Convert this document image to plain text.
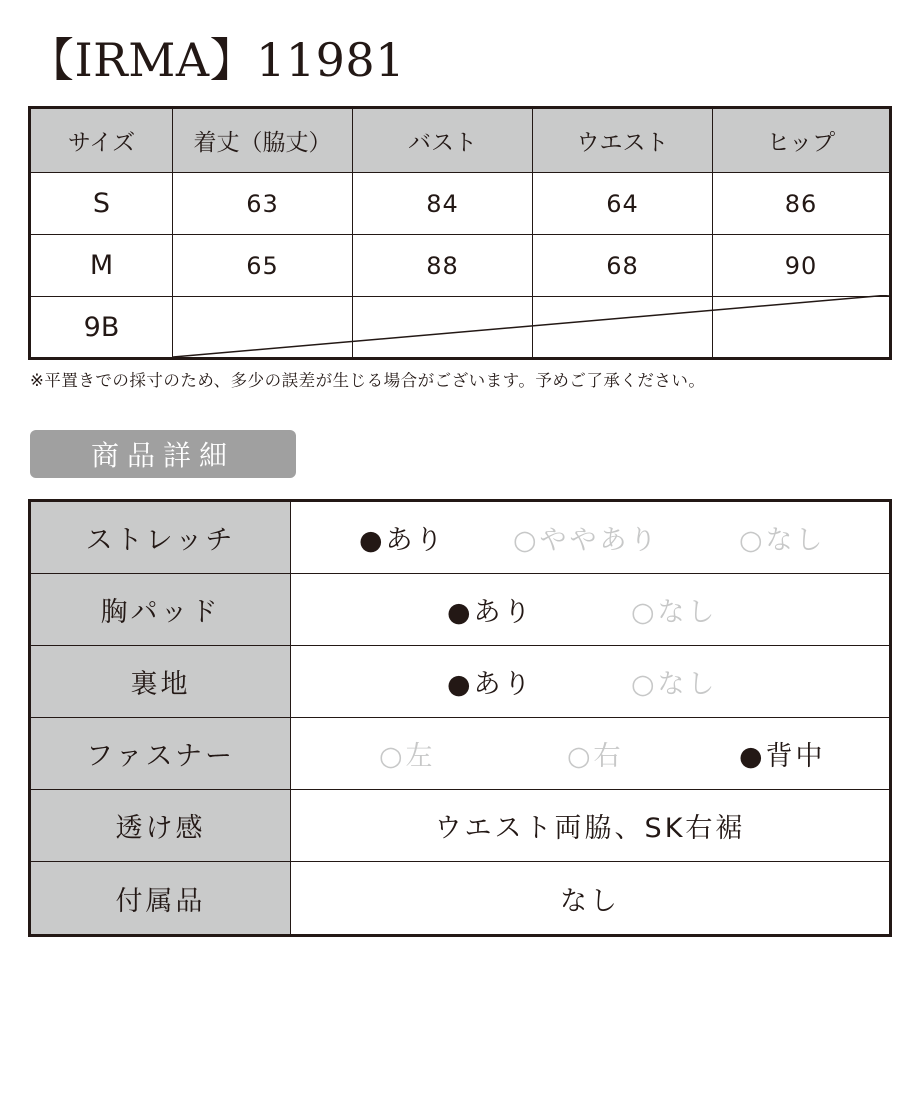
【IRMA】11981
サイズ	着丈（脇丈）	バスト	ウエスト	ヒップ
S	63	84	64	86
M	65	88	68	90
9B
※平置きでの採寸のため、多少の誤差が生じる場合がございます。予めご了承ください。
商品詳細
ストレッチ	●あり ○ややあり	○なし
胸パッド	●あり	○なし
裏地	●あり	○なし
ファスナー	○左	○右	●背中
透け感	ウエスト両脇、SK右裾
付属品	なし
